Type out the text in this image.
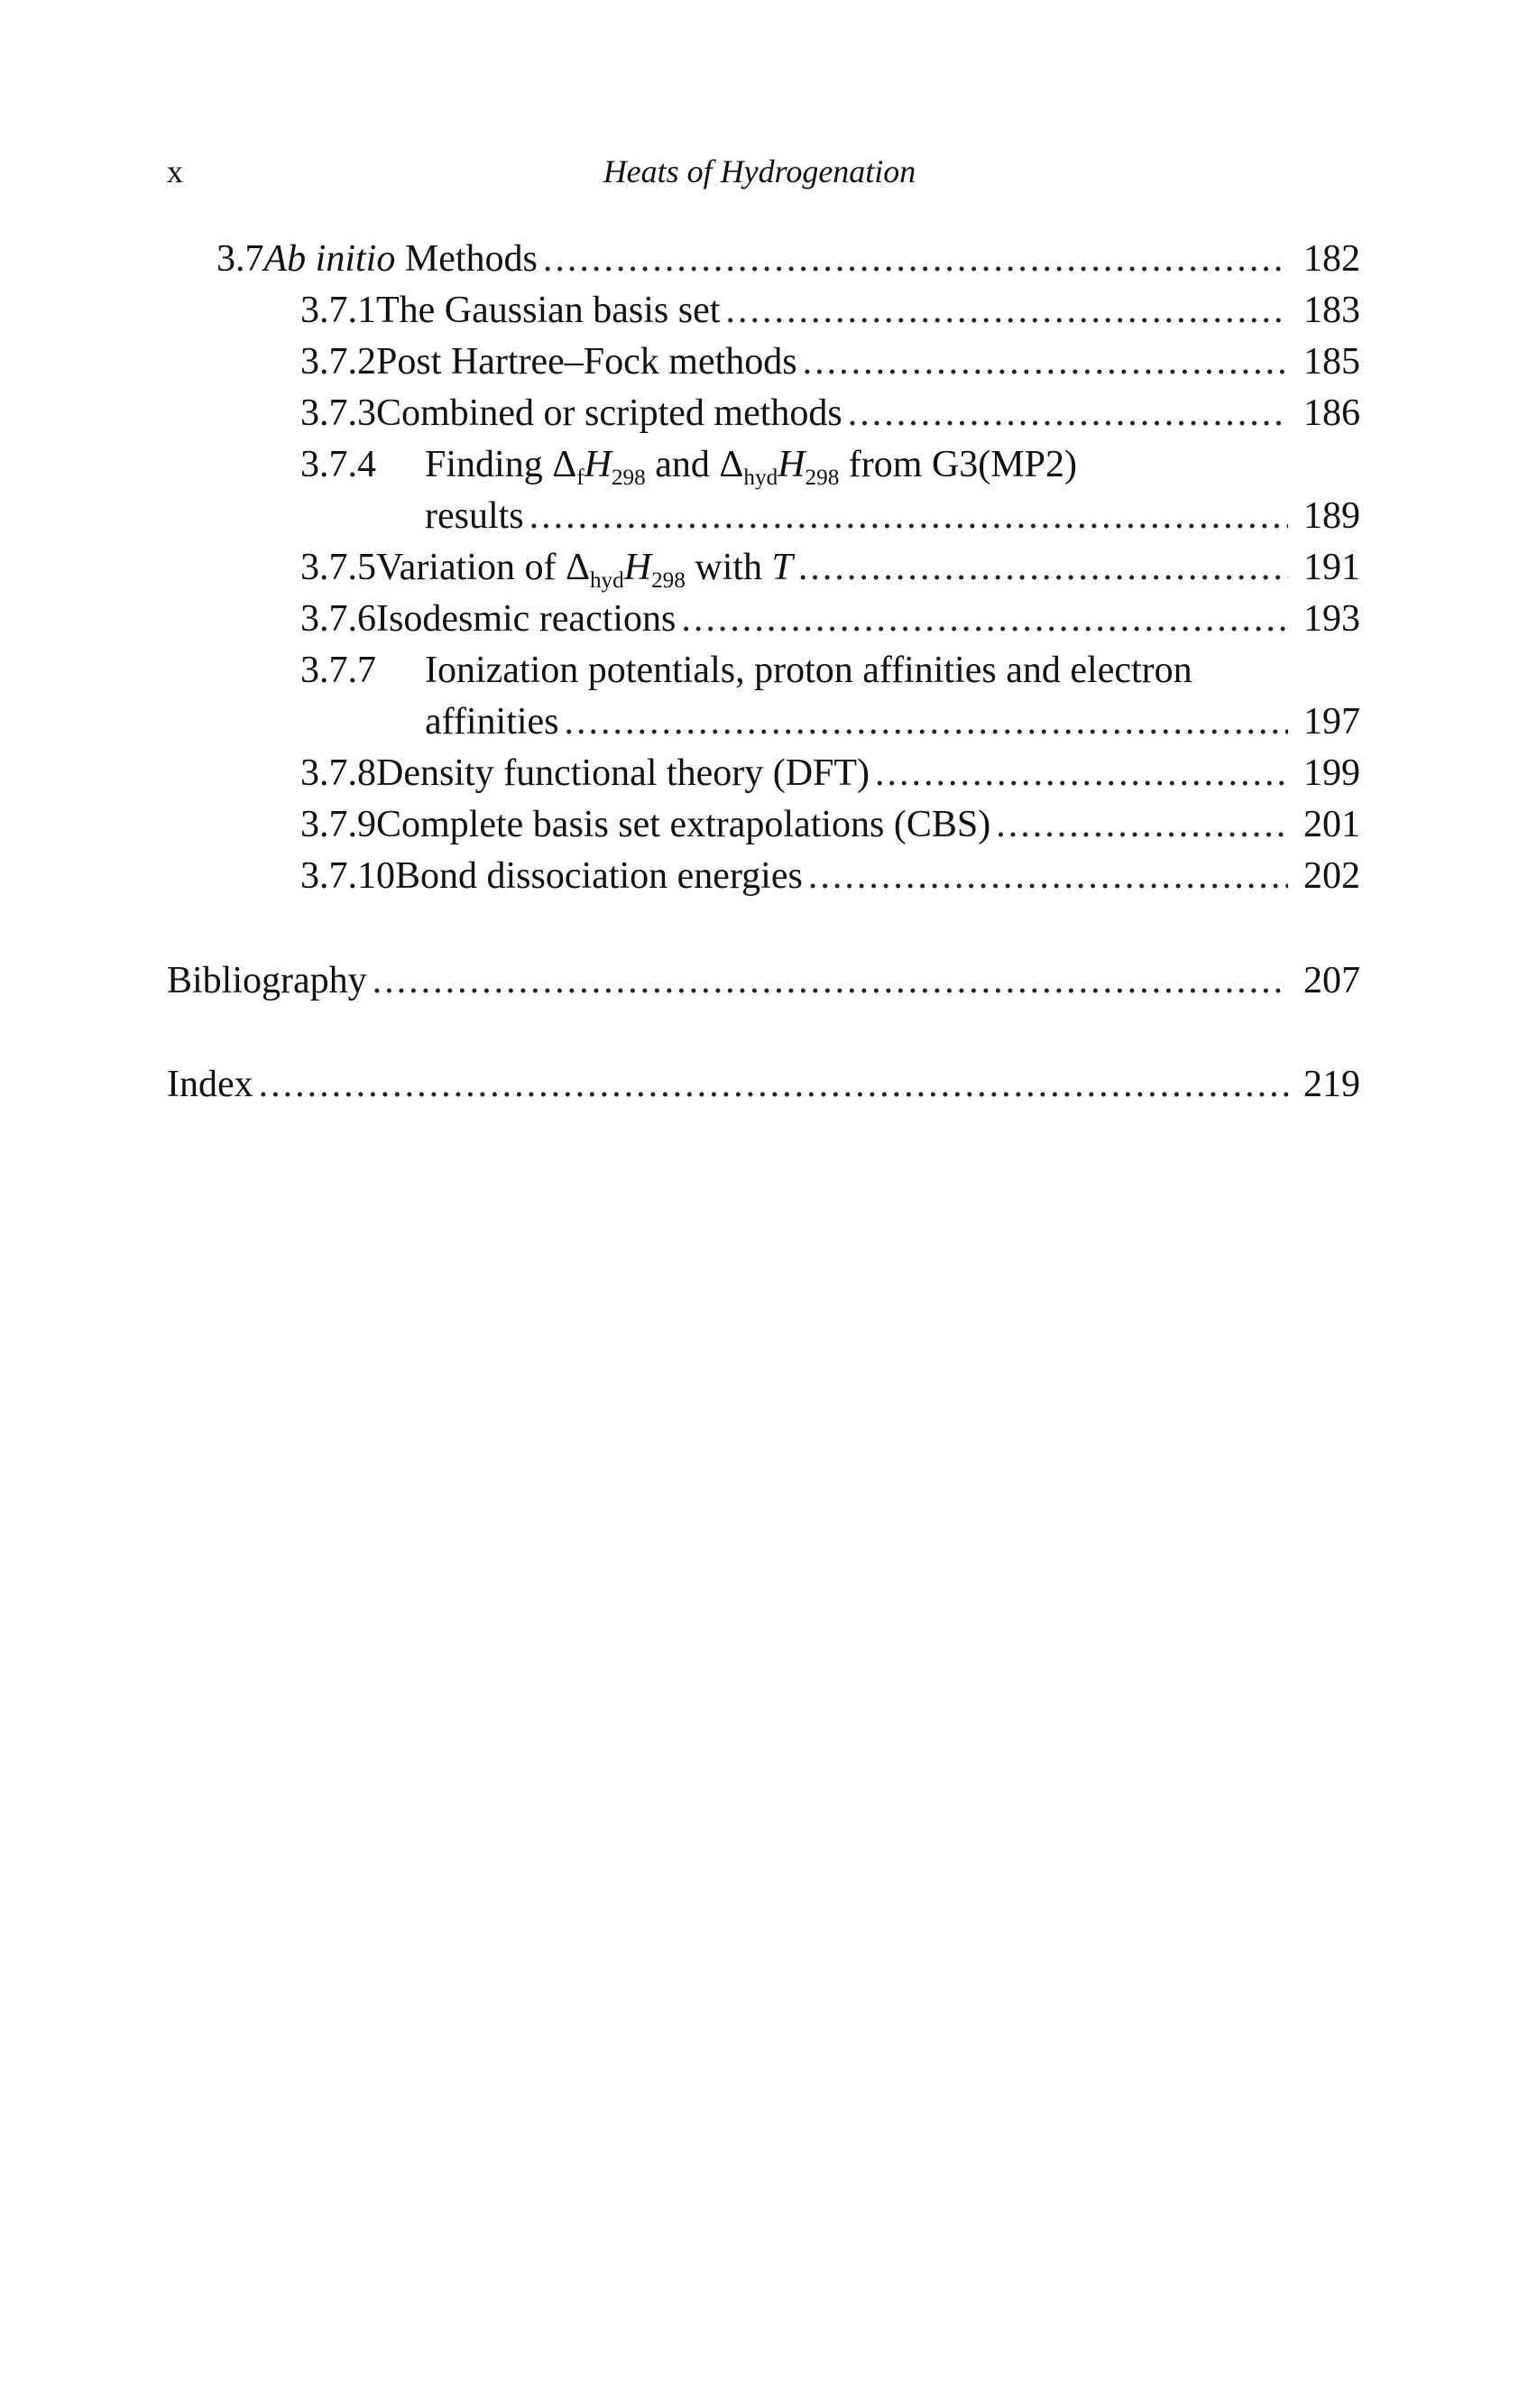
x	Heats of Hydrogenation
3.7 Ab initio Methods .....	182
3.7.1 The Gaussian basis set .....	183
3.7.2 Post Hartree–Fock methods .....	185
3.7.3 Combined or scripted methods .....	186
3.7.4 Finding $\Delta_fH_{298}$ and $\Delta_{hyd}H_{298}$ from G3(MP2)
results .....	189
3.7.5 Variation of $\Delta_{hyd}H_{298}$ with T .....	191
3.7.6 Isodesmic reactions .....	193
3.7.7 Ionization potentials, proton affinities and electron
affinities .....	197
3.7.8 Density functional theory (DFT) .....	199
3.7.9 Complete basis set extrapolations (CBS) .....	201
3.7.10 Bond dissociation energies .....	202
Bibliography .....	207
Index .....	219
